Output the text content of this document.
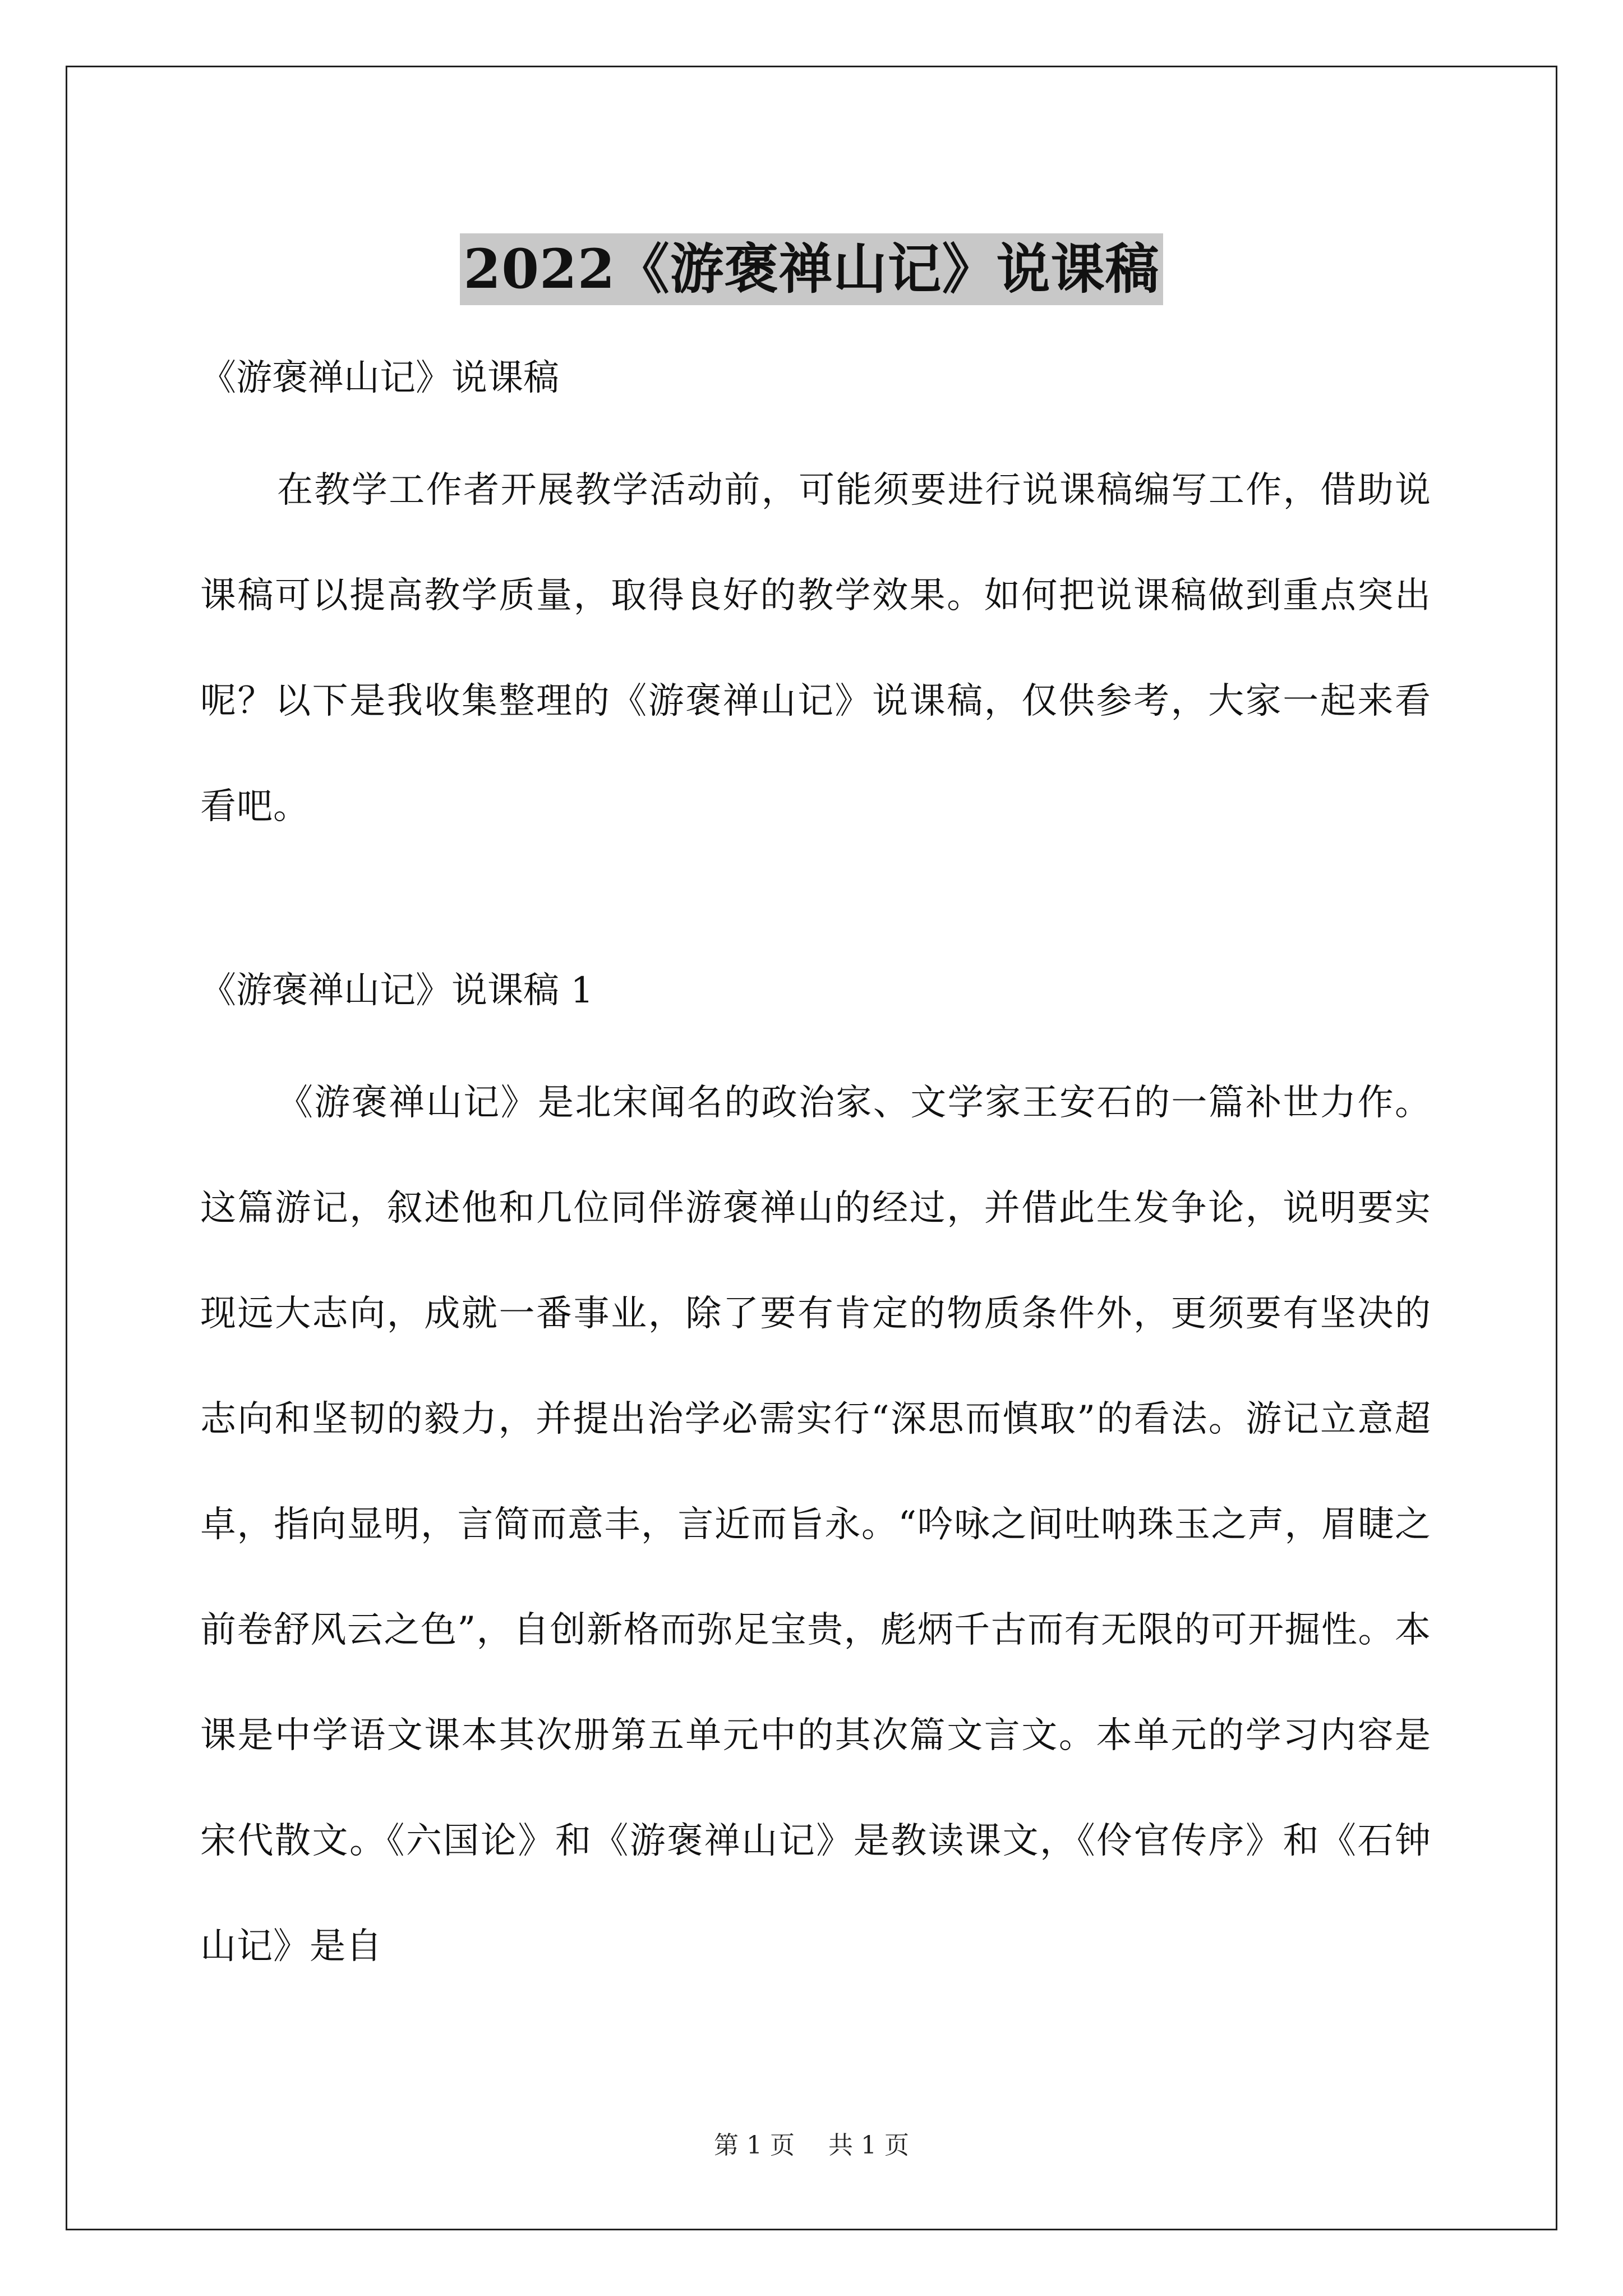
2022《游褒禅山记》说课稿

《游褒禅山记》说课稿

在教学工作者开展教学活动前，可能须要进行说课稿编写工作，借助说课稿可以提高教学质量，取得良好的教学效果。如何把说课稿做到重点突出呢？以下是我收集整理的《游褒禅山记》说课稿，仅供参考，大家一起来看看吧。

《游褒禅山记》说课稿 1

《游褒禅山记》是北宋闻名的政治家、文学家王安石的一篇补世力作。这篇游记，叙述他和几位同伴游褒禅山的经过，并借此生发争论，说明要实现远大志向，成就一番事业，除了要有肯定的物质条件外，更须要有坚决的志向和坚韧的毅力，并提出治学必需实行“深思而慎取”的看法。游记立意超卓，指向显明，言简而意丰，言近而旨永。“吟咏之间吐呐珠玉之声，眉睫之前卷舒风云之色”，自创新格而弥足宝贵，彪炳千古而有无限的可开掘性。本课是中学语文课本其次册第五单元中的其次篇文言文。本单元的学习内容是宋代散文。《六国论》和《游褒禅山记》是教读课文，《伶官传序》和《石钟山记》是自

第 1 页 共 1 页
